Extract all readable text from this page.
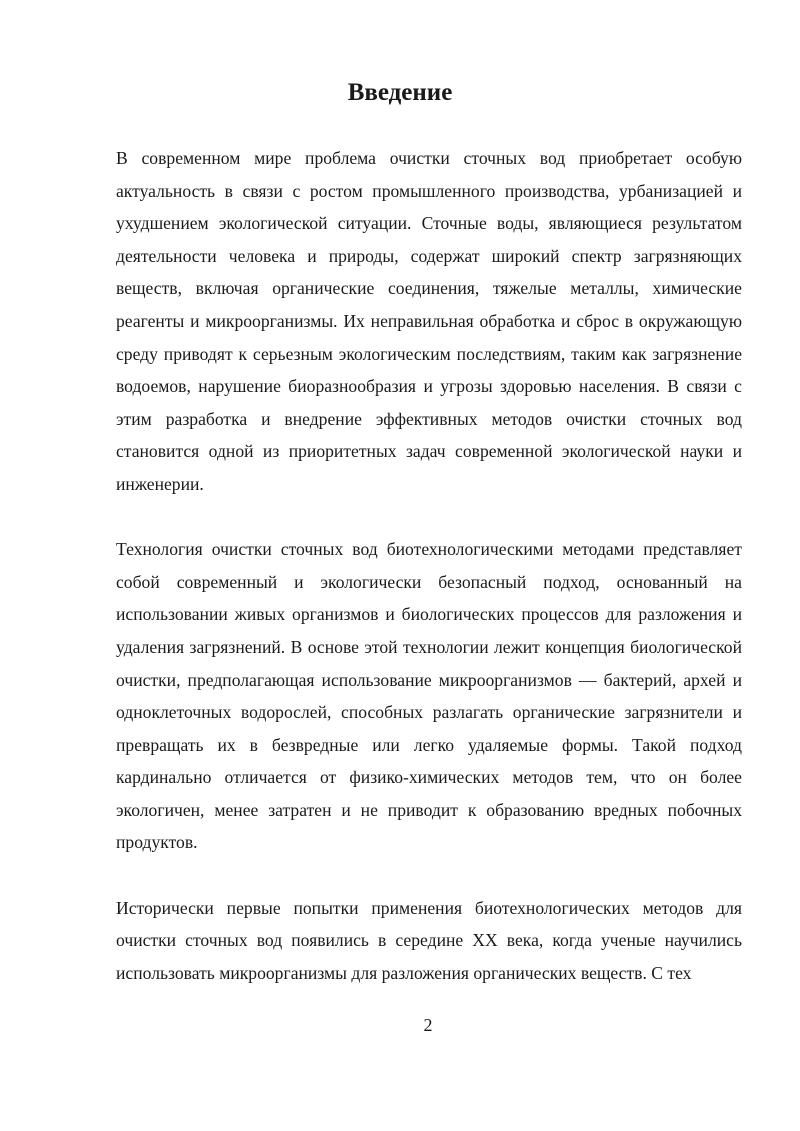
Введение

В современном мире проблема очистки сточных вод приобретает особую актуальность в связи с ростом промышленного производства, урбанизацией и ухудшением экологической ситуации. Сточные воды, являющиеся результатом деятельности человека и природы, содержат широкий спектр загрязняющих веществ, включая органические соединения, тяжелые металлы, химические реагенты и микроорганизмы. Их неправильная обработка и сброс в окружающую среду приводят к серьезным экологическим последствиям, таким как загрязнение водоемов, нарушение биоразнообразия и угрозы здоровью населения. В связи с этим разработка и внедрение эффективных методов очистки сточных вод становится одной из приоритетных задач современной экологической науки и инженерии.

Технология очистки сточных вод биотехнологическими методами представляет собой современный и экологически безопасный подход, основанный на использовании живых организмов и биологических процессов для разложения и удаления загрязнений. В основе этой технологии лежит концепция биологической очистки, предполагающая использование микроорганизмов — бактерий, архей и одноклеточных водорослей, способных разлагать органические загрязнители и превращать их в безвредные или легко удаляемые формы. Такой подход кардинально отличается от физико-химических методов тем, что он более экологичен, менее затратен и не приводит к образованию вредных побочных продуктов.

Исторически первые попытки применения биотехнологических методов для очистки сточных вод появились в середине XX века, когда ученые научились использовать микроорганизмы для разложения органических веществ. С тех

2
